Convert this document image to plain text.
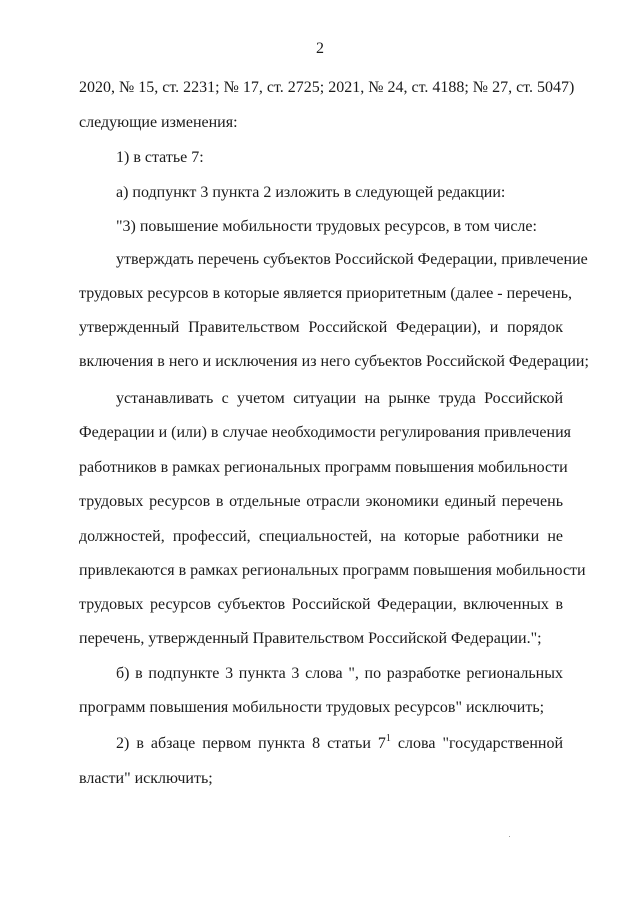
2
2020, № 15, ст. 2231; № 17, ст. 2725; 2021, № 24, ст. 4188; № 27, ст. 5047)
следующие изменения:
1) в статье 7:
а) подпункт 3 пункта 2 изложить в следующей редакции:
"3) повышение мобильности трудовых ресурсов, в том числе:
утверждать перечень субъектов Российской Федерации, привлечение
трудовых ресурсов в которые является приоритетным (далее - перечень,
утвержденный Правительством Российской Федерации), и порядок
включения в него и исключения из него субъектов Российской Федерации;
устанавливать с учетом ситуации на рынке труда Российской
Федерации и (или) в случае необходимости регулирования привлечения
работников в рамках региональных программ повышения мобильности
трудовых ресурсов в отдельные отрасли экономики единый перечень
должностей, профессий, специальностей, на которые работники не
привлекаются в рамках региональных программ повышения мобильности
трудовых ресурсов субъектов Российской Федерации, включенных в
перечень, утвержденный Правительством Российской Федерации.";
б) в подпункте 3 пункта 3 слова ", по разработке региональных
программ повышения мобильности трудовых ресурсов" исключить;
2) в абзаце первом пункта 8 статьи $7^1$ слова "государственной
власти" исключить;
